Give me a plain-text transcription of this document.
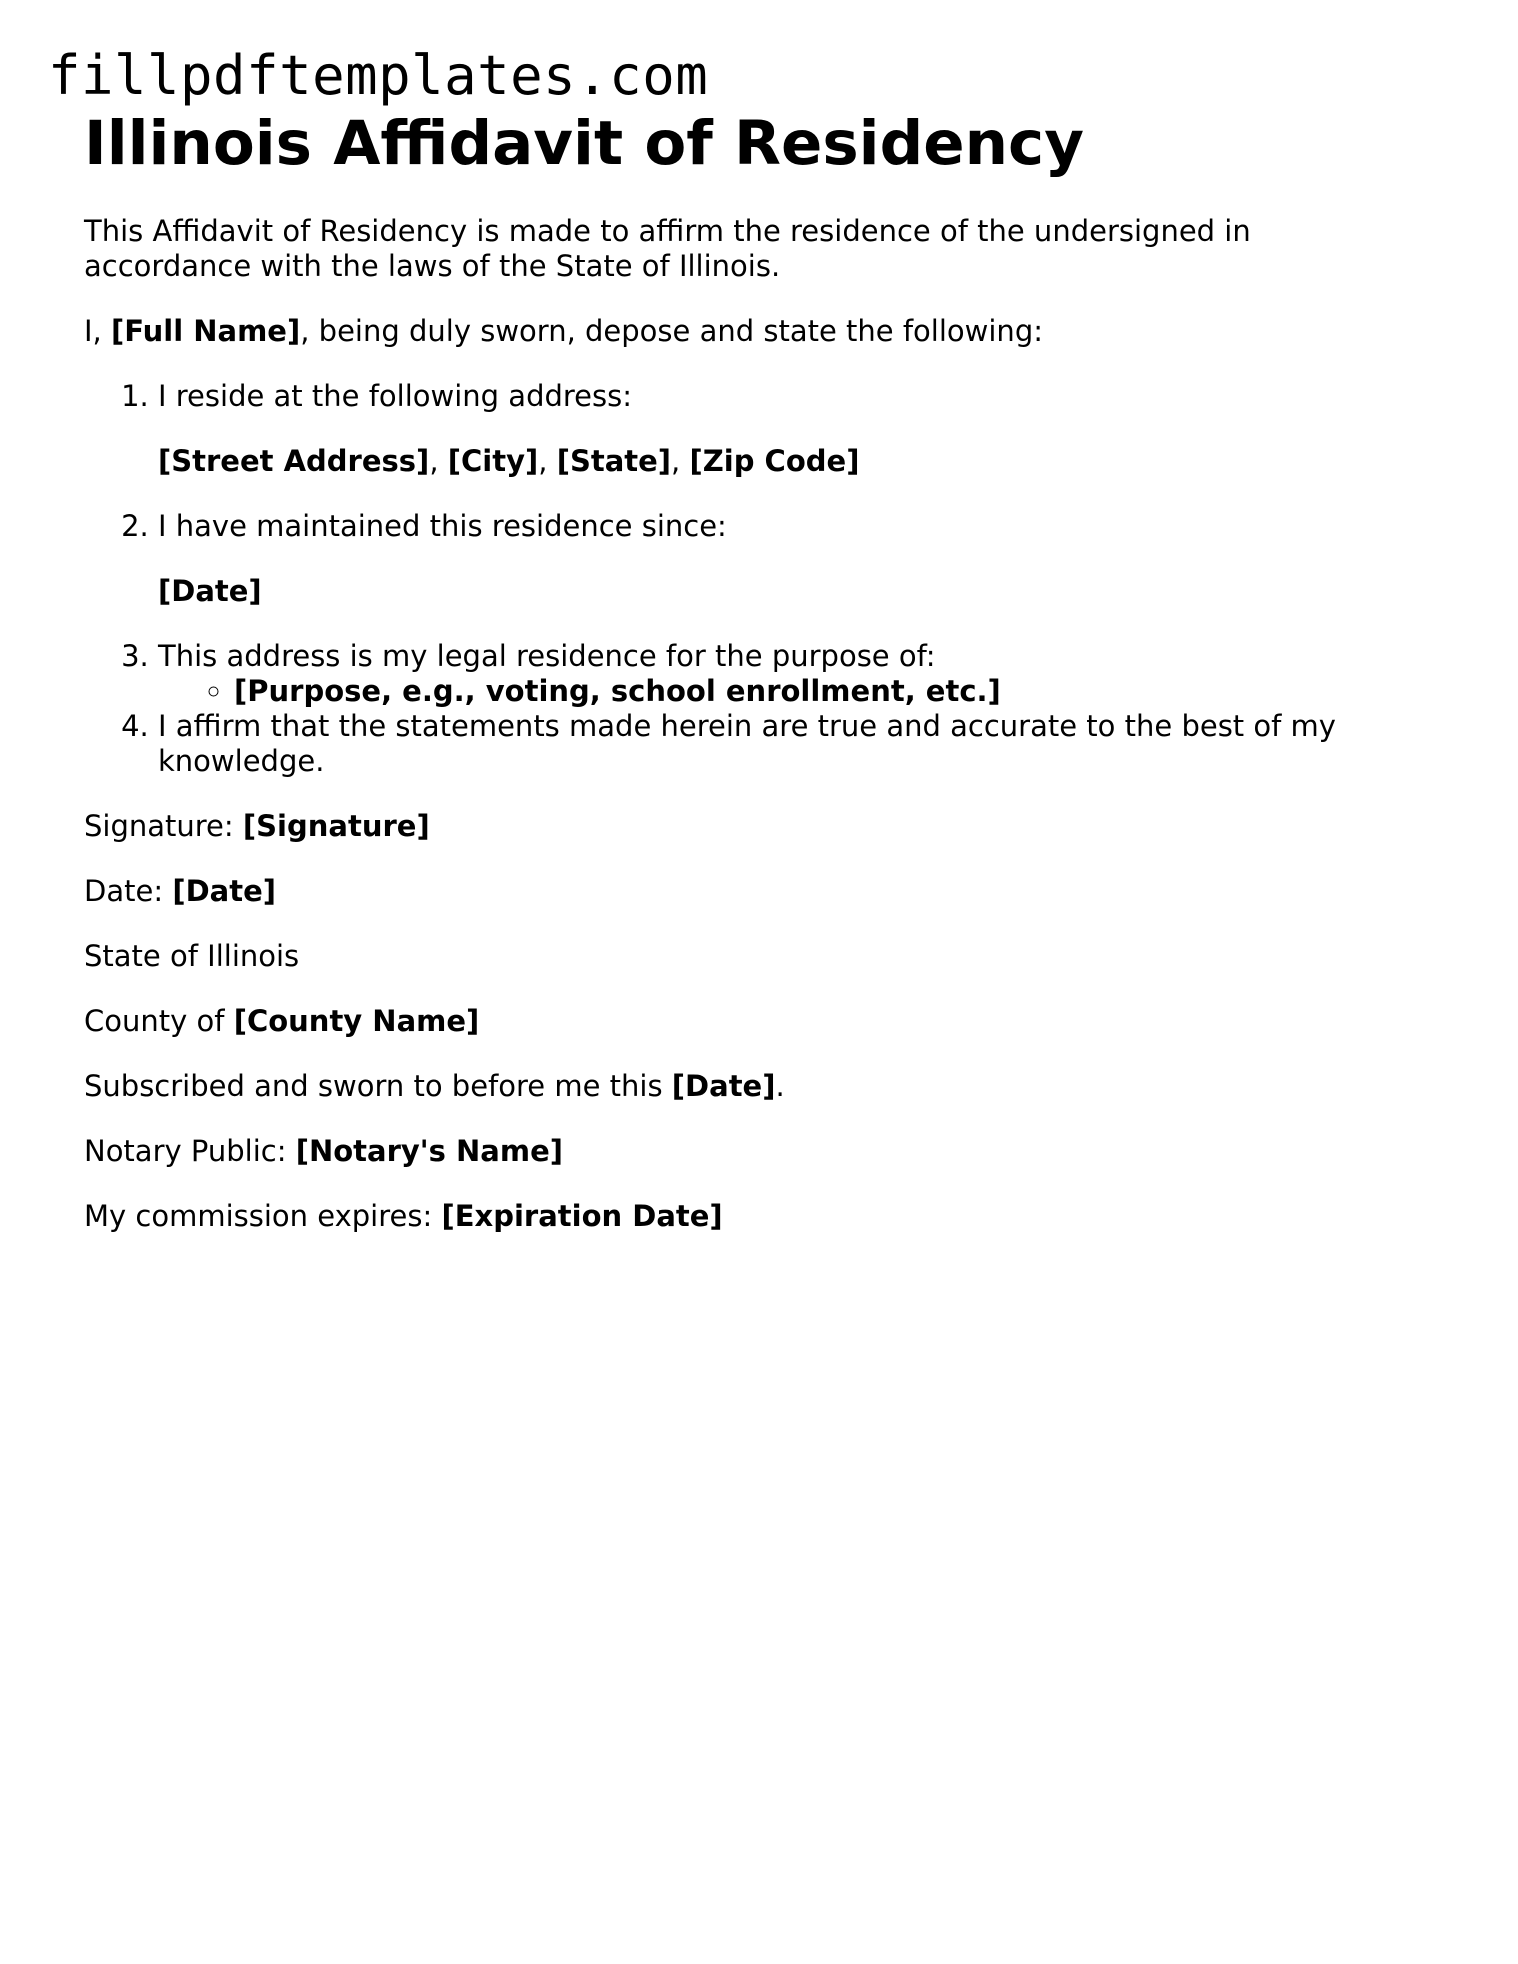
fillpdftemplates.com
Illinois Affidavit of Residency

This Affidavit of Residency is made to affirm the residence of the undersigned in accordance with the laws of the State of Illinois.

I, [Full Name], being duly sworn, depose and state the following:

1. I reside at the following address:

[Street Address], [City], [State], [Zip Code]

2. I have maintained this residence since:

[Date]

3. This address is my legal residence for the purpose of:
◦ [Purpose, e.g., voting, school enrollment, etc.]
4. I affirm that the statements made herein are true and accurate to the best of my knowledge.

Signature: [Signature]

Date: [Date]

State of Illinois

County of [County Name]

Subscribed and sworn to before me this [Date].

Notary Public: [Notary's Name]

My commission expires: [Expiration Date]
